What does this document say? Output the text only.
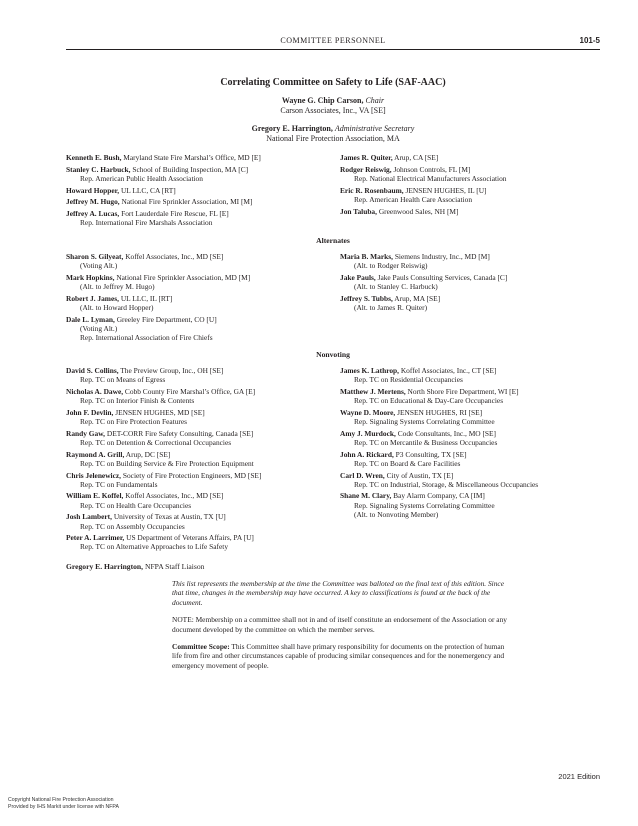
COMMITTEE PERSONNEL	101-5
Correlating Committee on Safety to Life (SAF-AAC)
Wayne G. Chip Carson, Chair
Carson Associates, Inc., VA [SE]
Gregory E. Harrington, Administrative Secretary
National Fire Protection Association, MA
Kenneth E. Bush, Maryland State Fire Marshal’s Office, MD [E]
Stanley C. Harbuck, School of Building Inspection, MA [C]
Rep. American Public Health Association
Howard Hopper, UL LLC, CA [RT]
Jeffrey M. Hugo, National Fire Sprinkler Association, MI [M]
Jeffrey A. Lucas, Fort Lauderdale Fire Rescue, FL [E]
Rep. International Fire Marshals Association
James R. Quiter, Arup, CA [SE]
Rodger Reiswig, Johnson Controls, FL [M]
Rep. National Electrical Manufacturers Association
Eric R. Rosenbaum, JENSEN HUGHES, IL [U]
Rep. American Health Care Association
Jon Taluba, Greenwood Sales, NH [M]
Alternates
Sharon S. Gilyeat, Koffel Associates, Inc., MD [SE]
(Voting Alt.)
Mark Hopkins, National Fire Sprinkler Association, MD [M]
(Alt. to Jeffrey M. Hugo)
Robert J. James, UL LLC, IL [RT]
(Alt. to Howard Hopper)
Dale L. Lyman, Greeley Fire Department, CO [U]
(Voting Alt.)
Rep. International Association of Fire Chiefs
Maria B. Marks, Siemens Industry, Inc., MD [M]
(Alt. to Rodger Reiswig)
Jake Pauls, Jake Pauls Consulting Services, Canada [C]
(Alt. to Stanley C. Harbuck)
Jeffrey S. Tubbs, Arup, MA [SE]
(Alt. to James R. Quiter)
Nonvoting
David S. Collins, The Preview Group, Inc., OH [SE]
Rep. TC on Means of Egress
Nicholas A. Dawe, Cobb County Fire Marshal’s Office, GA [E]
Rep. TC on Interior Finish & Contents
John F. Devlin, JENSEN HUGHES, MD [SE]
Rep. TC on Fire Protection Features
Randy Gaw, DET-CORR Fire Safety Consulting, Canada [SE]
Rep. TC on Detention & Correctional Occupancies
Raymond A. Grill, Arup, DC [SE]
Rep. TC on Building Service & Fire Protection Equipment
Chris Jelenewicz, Society of Fire Protection Engineers, MD [SE]
Rep. TC on Fundamentals
William E. Koffel, Koffel Associates, Inc., MD [SE]
Rep. TC on Health Care Occupancies
Josh Lambert, University of Texas at Austin, TX [U]
Rep. TC on Assembly Occupancies
Peter A. Larrimer, US Department of Veterans Affairs, PA [U]
Rep. TC on Alternative Approaches to Life Safety
James K. Lathrop, Koffel Associates, Inc., CT [SE]
Rep. TC on Residential Occupancies
Matthew J. Mertens, North Shore Fire Department, WI [E]
Rep. TC on Educational & Day-Care Occupancies
Wayne D. Moore, JENSEN HUGHES, RI [SE]
Rep. Signaling Systems Correlating Committee
Amy J. Murdock, Code Consultants, Inc., MO [SE]
Rep. TC on Mercantile & Business Occupancies
John A. Rickard, P3 Consulting, TX [SE]
Rep. TC on Board & Care Facilities
Carl D. Wren, City of Austin, TX [E]
Rep. TC on Industrial, Storage, & Miscellaneous Occupancies
Shane M. Clary, Bay Alarm Company, CA [IM]
Rep. Signaling Systems Correlating Committee
(Alt. to Nonvoting Member)
Gregory E. Harrington, NFPA Staff Liaison

This list represents the membership at the time the Committee was balloted on the final text of this edition. Since that time, changes in the membership may have occurred. A key to classifications is found at the back of the document.

NOTE: Membership on a committee shall not in and of itself constitute an endorsement of the Association or any document developed by the committee on which the member serves.

Committee Scope: This Committee shall have primary responsibility for documents on the protection of human life from fire and other circumstances capable of producing similar consequences and for the nonemergency and emergency movement of people.

2021 Edition
Copyright National Fire Protection Association
Provided by IHS Markit under license with NFPA
